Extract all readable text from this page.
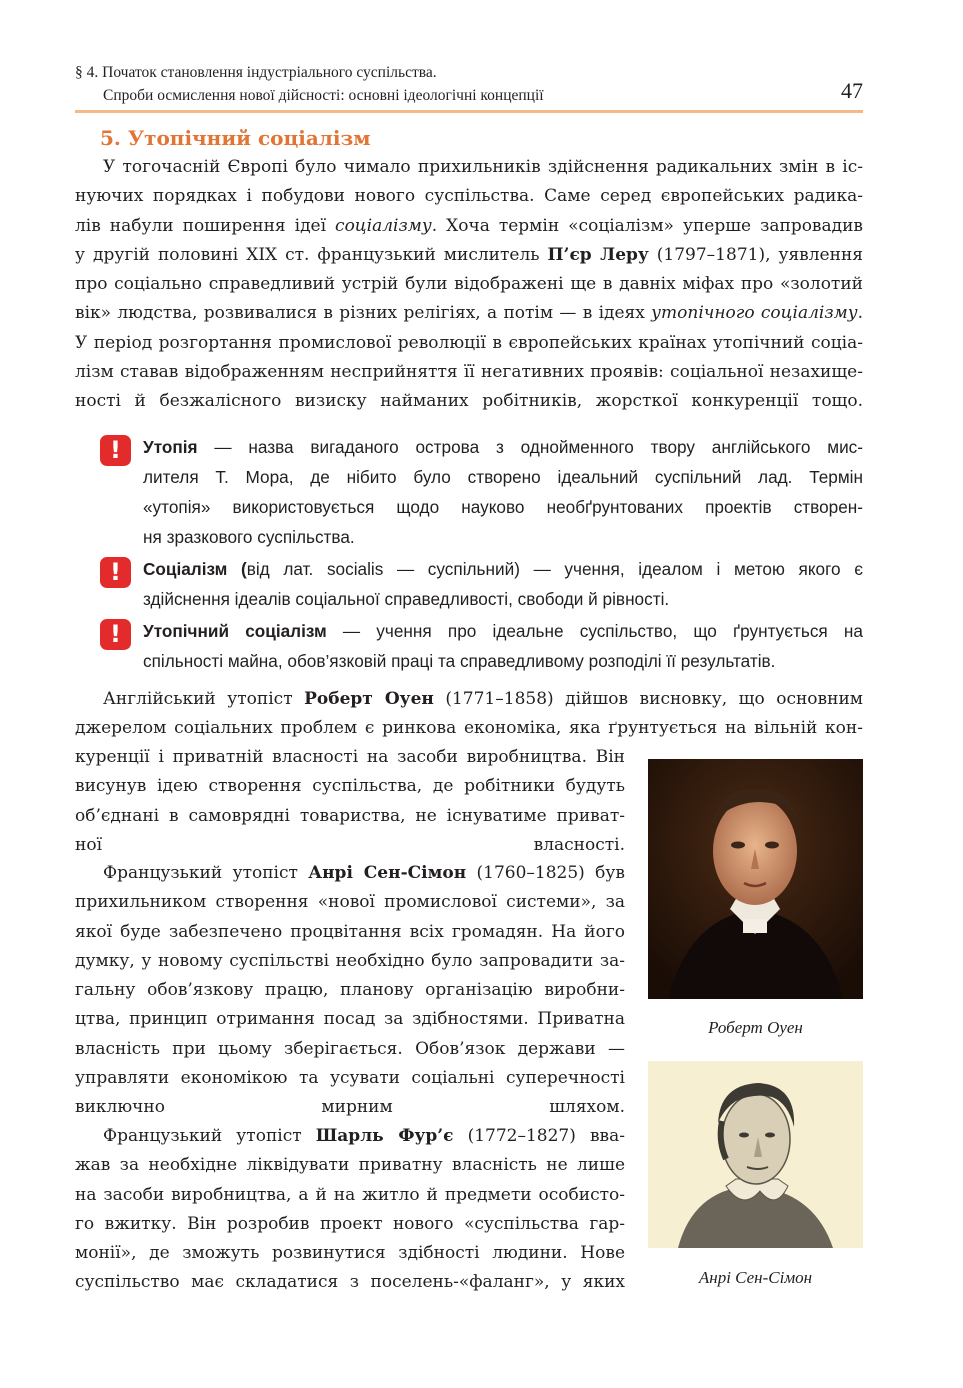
§ 4. Початок становлення індустріального суспільства.
Спроби осмислення нової дійсності: основні ідеологічні концепції	47
5. Утопічний соціалізм
У тогочасній Європі було чимало прихильників здійснення радикальних змін в іс-
нуючих порядках і побудови нового суспільства. Саме серед європейських радика-
лів набули поширення ідеї соціалізму. Хоча термін «соціалізм» уперше запровадив
у другій половині XIX ст. французький мислитель П’єр Леру (1797–1871), уявлення
про соціально справедливий устрій були відображені ще в давніх міфах про «золотий
вік» людства, розвивалися в різних релігіях, а потім — в ідеях утопічного соціалізму.
У період розгортання промислової революції в європейських країнах утопічний соціа-
лізм ставав відображенням несприйняття її негативних проявів: соціальної незахище-
ності й безжалісного визиску найманих робітників, жорсткої конкуренції тощо.
!	Утопія — назва вигаданого острова з однойменного твору англійського мис-
лителя Т. Мора, де нібито було створено ідеальний суспільний лад. Термін
«утопія» використовується щодо науково необґрунтованих проектів створен-
ня зразкового суспільства.
!	Соціалізм (від лат. socialis — суспільний) — учення, ідеалом і метою якого є
здійснення ідеалів соціальної справедливості, свободи й рівності.
!	Утопічний соціалізм — учення про ідеальне суспільство, що ґрунтується на
спільності майна, обов’язковій праці та справедливому розподілі її результатів.
Англійський утопіст Роберт Оуен (1771–1858) дійшов висновку, що основним
джерелом соціальних проблем є ринкова економіка, яка ґрунтується на вільній кон-
куренції і приватній власності на засоби виробництва. Він
висунув ідею створення суспільства, де робітники будуть
об’єднані в самоврядні товариства, не існуватиме приват-
ної власності.
Французький утопіст Анрі Сен-Сімон (1760–1825) був
прихильником створення «нової промислової системи», за
якої буде забезпечено процвітання всіх громадян. На його
думку, у новому суспільстві необхідно було запровадити за-
гальну обов’язкову працю, планову організацію виробни-
цтва, принцип отримання посад за здібностями. Приватна
власність при цьому зберігається. Обов’язок держави —
управляти економікою та усувати соціальні суперечності
виключно мирним шляхом.
Французький утопіст Шарль Фур’є (1772–1827) вва-
жав за необхідне ліквідувати приватну власність не лише
на засоби виробництва, а й на житло й предмети особисто-
го вжитку. Він розробив проект нового «суспільства гар-
монії», де зможуть розвинутися здібності людини. Нове
суспільство має складатися з поселень-«фаланг», у яких
Роберт Оуен
Анрі Сен-Сімон
